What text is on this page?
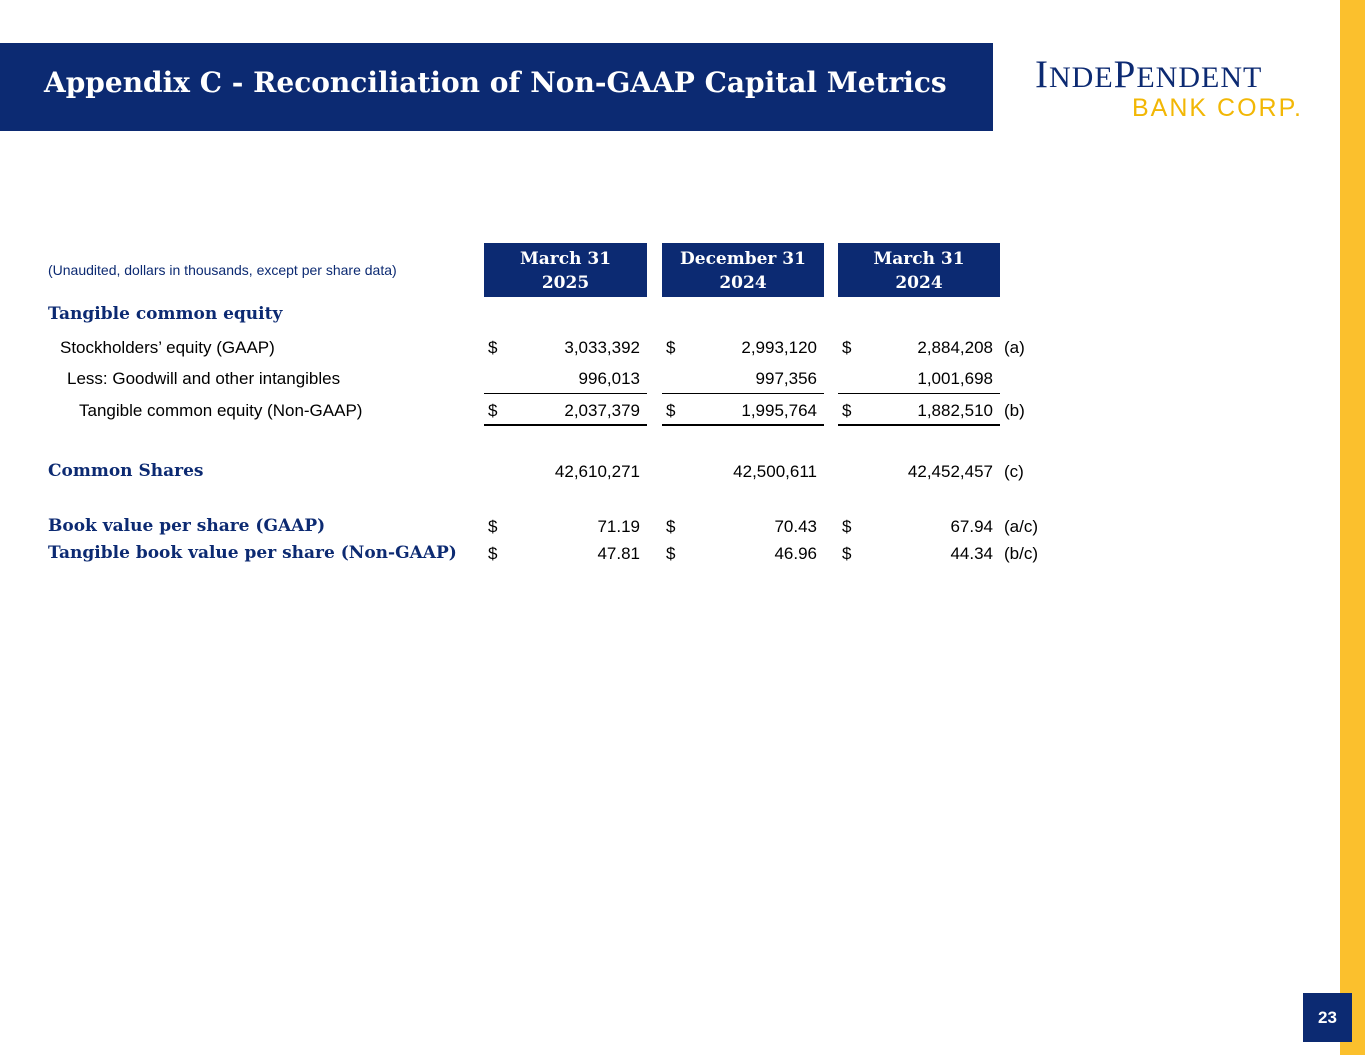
Appendix C - Reconciliation of Non-GAAP Capital Metrics INDEPENDENT
BANK CORP.
23
(Unaudited, dollars in thousands, except per share data)
March 31
2025
December 31
2024
March 31
2024
Tangible common equity
Stockholders’ equity (GAAP)	$	3,033,392 $	2,993,120 $	2,884,208 (a)
Less: Goodwill and other intangibles	996,013	997,356	1,001,698
Tangible common equity (Non-GAAP)	$	2,037,379 $	1,995,764 $	1,882,510 (b)
Common Shares	42,610,271	42,500,611	42,452,457 (c)
Book value per share (GAAP)	$	71.19 $	70.43 $	67.94 (a/c)
Tangible book value per share (Non-GAAP) $	47.81 $	46.96 $	44.34 (b/c)
